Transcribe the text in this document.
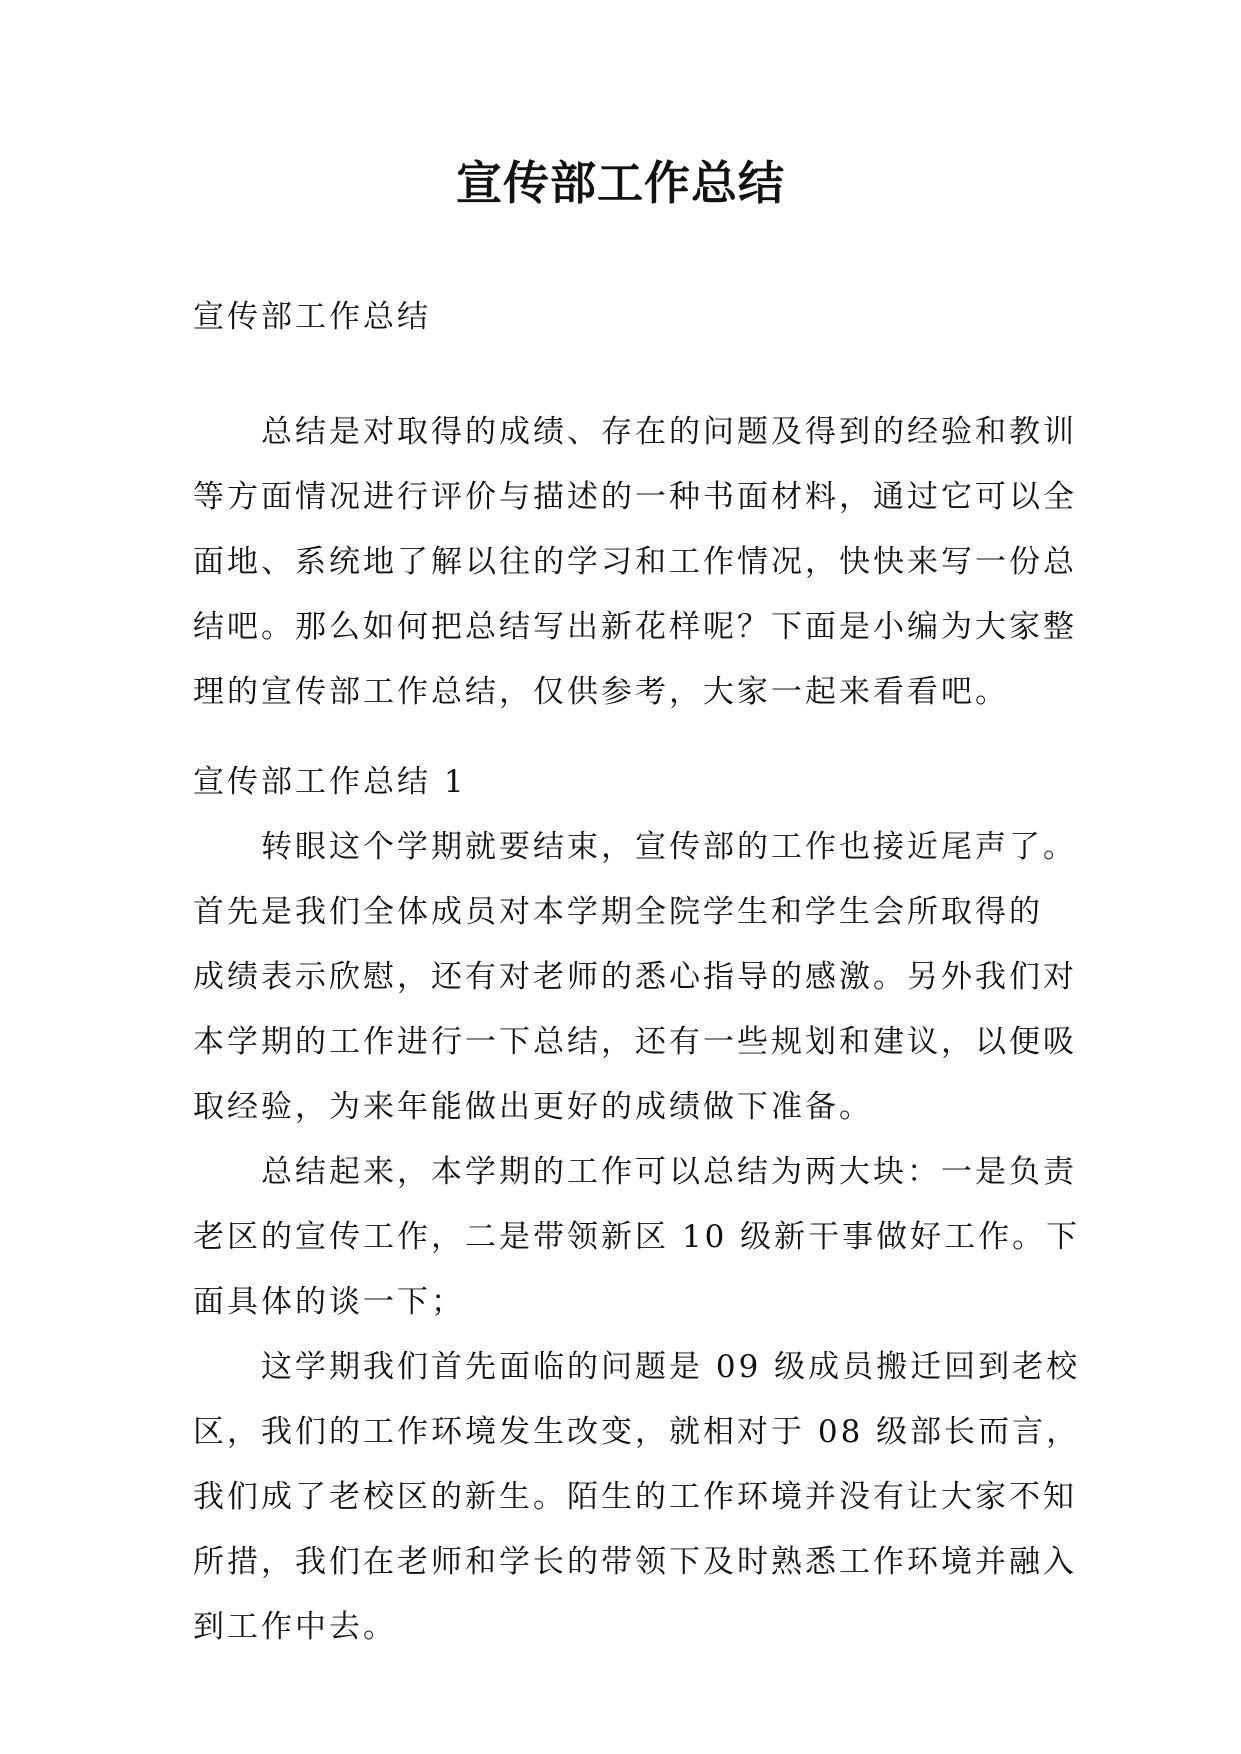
宣传部工作总结
宣传部工作总结
　　总结是对取得的成绩、存在的问题及得到的经验和教训
等方面情况进行评价与描述的一种书面材料，通过它可以全
面地、系统地了解以往的学习和工作情况，快快来写一份总
结吧。那么如何把总结写出新花样呢？下面是小编为大家整
理的宣传部工作总结，仅供参考，大家一起来看看吧。
宣传部工作总结 1
　　转眼这个学期就要结束，宣传部的工作也接近尾声了。
首先是我们全体成员对本学期全院学生和学生会所取得的
成绩表示欣慰，还有对老师的悉心指导的感激。另外我们对
本学期的工作进行一下总结，还有一些规划和建议，以便吸
取经验，为来年能做出更好的成绩做下准备。
　　总结起来，本学期的工作可以总结为两大块：一是负责
老区的宣传工作，二是带领新区 10 级新干事做好工作。下
面具体的谈一下；
　　这学期我们首先面临的问题是 09 级成员搬迁回到老校
区，我们的工作环境发生改变，就相对于 08 级部长而言，
我们成了老校区的新生。陌生的工作环境并没有让大家不知
所措，我们在老师和学长的带领下及时熟悉工作环境并融入
到工作中去。
